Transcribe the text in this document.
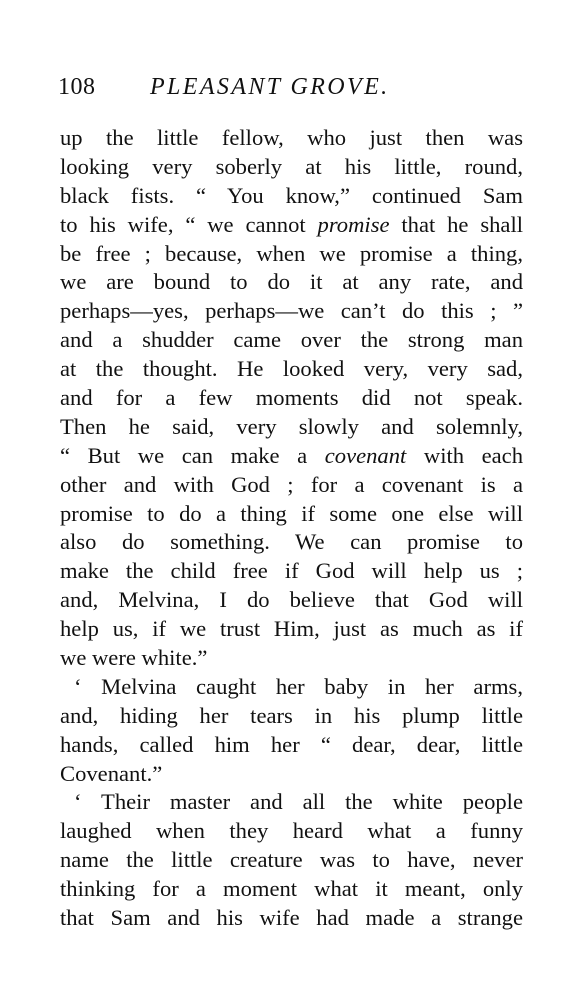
108 PLEASANT GROVE.
up the little fellow, who just then was
looking very soberly at his little, round,
black fists. “ You know,” continued Sam
to his wife, “ we cannot promise that he shall
be free ; because, when we promise a thing,
we are bound to do it at any rate, and
perhaps—yes, perhaps—we can’t do this ; ”
and a shudder came over the strong man
at the thought. He looked very, very sad,
and for a few moments did not speak.
Then he said, very slowly and solemnly,
“ But we can make a covenant with each
other and with God ; for a covenant is a
promise to do a thing if some one else will
also do something. We can promise to
make the child free if God will help us ;
and, Melvina, I do believe that God will
help us, if we trust Him, just as much as if
we were white.”
‘ Melvina caught her baby in her arms,
and, hiding her tears in his plump little
hands, called him her “ dear, dear, little
Covenant.”
‘ Their master and all the white people
laughed when they heard what a funny
name the little creature was to have, never
thinking for a moment what it meant, only
that Sam and his wife had made a strange
